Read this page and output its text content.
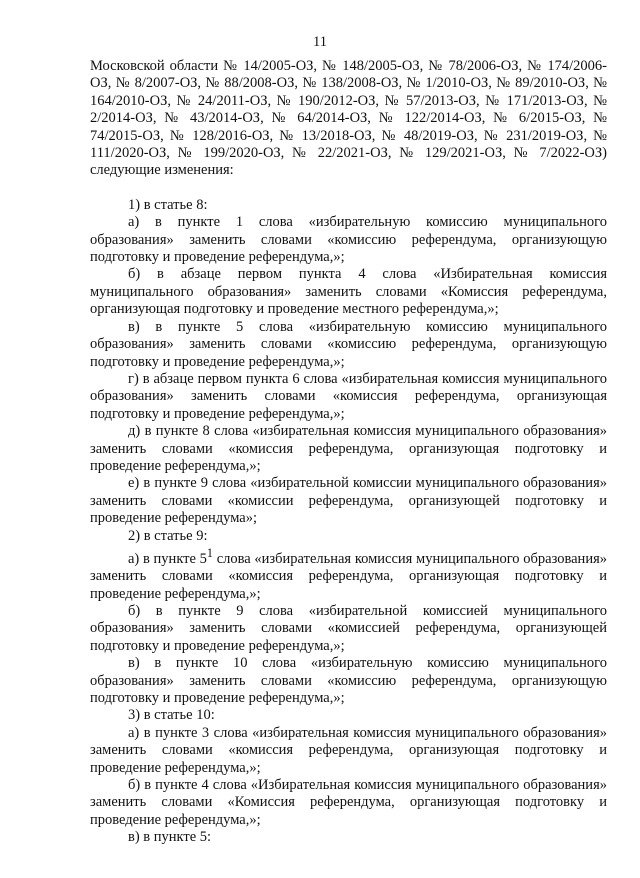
11

Московской области № 14/2005-ОЗ, № 148/2005-ОЗ, № 78/2006-ОЗ, № 174/2006-ОЗ, № 8/2007-ОЗ, № 88/2008-ОЗ, № 138/2008-ОЗ, № 1/2010-ОЗ, № 89/2010-ОЗ, № 164/2010-ОЗ, № 24/2011-ОЗ, № 190/2012-ОЗ, № 57/2013-ОЗ, № 171/2013-ОЗ, № 2/2014-ОЗ, № 43/2014-ОЗ, № 64/2014-ОЗ, № 122/2014-ОЗ, № 6/2015-ОЗ, № 74/2015-ОЗ, № 128/2016-ОЗ, № 13/2018-ОЗ, № 48/2019-ОЗ, № 231/2019-ОЗ, № 111/2020-ОЗ, № 199/2020-ОЗ, № 22/2021-ОЗ, № 129/2021-ОЗ, № 7/2022-ОЗ) следующие изменения:

1) в статье 8:

а) в пункте 1 слова «избирательную комиссию муниципального образования» заменить словами «комиссию референдума, организующую подготовку и проведение референдума,»;

б) в абзаце первом пункта 4 слова «Избирательная комиссия муниципального образования» заменить словами «Комиссия референдума, организующая подготовку и проведение местного референдума,»;

в) в пункте 5 слова «избирательную комиссию муниципального образования» заменить словами «комиссию референдума, организующую подготовку и проведение референдума,»;

г) в абзаце первом пункта 6 слова «избирательная комиссия муниципального образования» заменить словами «комиссия референдума, организующая подготовку и проведение референдума,»;

д) в пункте 8 слова «избирательная комиссия муниципального образования» заменить словами «комиссия референдума, организующая подготовку и проведение референдума,»;

е) в пункте 9 слова «избирательной комиссии муниципального образования» заменить словами «комиссии референдума, организующей подготовку и проведение референдума»;

2) в статье 9:

а) в пункте $5^1$ слова «избирательная комиссия муниципального образования» заменить словами «комиссия референдума, организующая подготовку и проведение референдума,»;

б) в пункте 9 слова «избирательной комиссией муниципального образования» заменить словами «комиссией референдума, организующей подготовку и проведение референдума,»;

в) в пункте 10 слова «избирательную комиссию муниципального образования» заменить словами «комиссию референдума, организующую подготовку и проведение референдума,»;

3) в статье 10:

а) в пункте 3 слова «избирательная комиссия муниципального образования» заменить словами «комиссия референдума, организующая подготовку и проведение референдума,»;

б) в пункте 4 слова «Избирательная комиссия муниципального образования» заменить словами «Комиссия референдума, организующая подготовку и проведение референдума,»;

в) в пункте 5:
